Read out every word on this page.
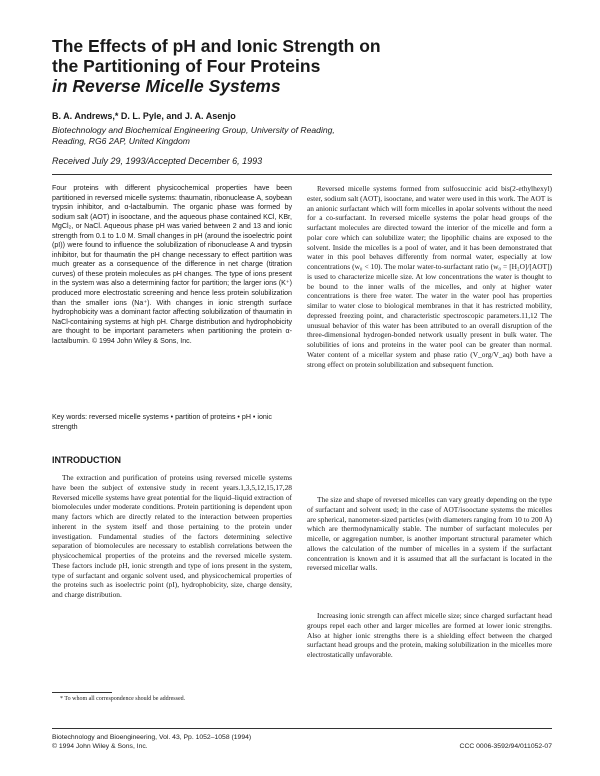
The Effects of pH and Ionic Strength on
the Partitioning of Four Proteins
in Reverse Micelle Systems

B. A. Andrews,* D. L. Pyle, and J. A. Asenjo

Biotechnology and Biochemical Engineering Group, University of Reading,
Reading, RG6 2AP, United Kingdom

Received July 29, 1993/Accepted December 6, 1993

Four proteins with different physicochemical properties have been partitioned in reversed micelle systems: thaumatin, ribonuclease A, soybean trypsin inhibitor, and α-lactalbumin. The organic phase was formed by sodium salt (AOT) in isooctane, and the aqueous phase contained KCl, KBr, MgCl₂, or NaCl. Aqueous phase pH was varied between 2 and 13 and ionic strength from 0.1 to 1.0 M. Small changes in pH (around the isoelectric point (pI)) were found to influence the solubilization of ribonuclease A and trypsin inhibitor, but for thaumatin the pH change necessary to effect partition was much greater as a consequence of the difference in net charge (titration curves) of these protein molecules as pH changes. The type of ions present in the system was also a determining factor for partition; the larger ions (K⁺) produced more electrostatic screening and hence less protein solubilization than the smaller ions (Na⁺). With changes in ionic strength surface hydrophobicity was a dominant factor affecting solubilization of thaumatin in NaCl-containing systems at high pH. Charge distribution and hydrophobicity are thought to be important parameters when partitioning the protein α-lactalbumin. © 1994 John Wiley & Sons, Inc.

Key words: reversed micelle systems • partition of proteins • pH • ionic strength

INTRODUCTION

The extraction and purification of proteins using reversed micelle systems have been the subject of extensive study in recent years.1,3,5,12,15,17,28 Reversed micelle systems have great potential for the liquid–liquid extraction of biomolecules under moderate conditions. Protein partitioning is dependent upon many factors which are directly related to the interaction between properties inherent in the system itself and those pertaining to the protein under investigation. Fundamental studies of the factors determining selective separation of biomolecules are necessary to establish correlations between the physicochemical properties of the proteins and the reversed micelle system. These factors include pH, ionic strength and type of ions present in the system, type of surfactant and organic solvent used, and physicochemical properties of the proteins such as isoelectric point (pI), hydrophobicity, size, charge density, and charge distribution.

* To whom all correspondence should be addressed.

Reversed micelle systems formed from sulfosuccinic acid bis(2-ethylhexyl) ester, sodium salt (AOT), isooctane, and water were used in this work. The AOT is an anionic surfactant which will form micelles in apolar solvents without the need for a co-surfactant. In reversed micelle systems the polar head groups of the surfactant molecules are directed toward the interior of the micelle and form a polar core which can solubilize water; the lipophilic chains are exposed to the solvent. Inside the micelles is a pool of water, and it has been demonstrated that water in this pool behaves differently from normal water, especially at low concentrations (w₀ < 10). The molar water-to-surfactant ratio (w₀ = [H₂O]/[AOT]) is used to characterize micelle size. At low concentrations the water is thought to be bound to the inner walls of the micelles, and only at higher water concentrations is there free water. The water in the water pool has properties similar to water close to biological membranes in that it has restricted mobility, depressed freezing point, and characteristic spectroscopic parameters.11,12 The unusual behavior of this water has been attributed to an overall disruption of the three-dimensional hydrogen-bonded network usually present in bulk water. The solubilities of ions and proteins in the water pool can be greater than normal. Water content of a micellar system and phase ratio (V_org/V_aq) both have a strong effect on protein solubilization and subsequent function.

The size and shape of reversed micelles can vary greatly depending on the type of surfactant and solvent used; in the case of AOT/isooctane systems the micelles are spherical, nanometer-sized particles (with diameters ranging from 10 to 200 Å) which are thermodynamically stable. The number of surfactant molecules per micelle, or aggregation number, is another important structural parameter which allows the calculation of the number of micelles in a system if the surfactant concentration is known and it is assumed that all the surfactant is located in the reversed micellar walls.

Increasing ionic strength can affect micelle size; since charged surfactant head groups repel each other and larger micelles are formed at lower ionic strengths. Also at higher ionic strengths there is a shielding effect between the charged surfactant head groups and the protein, making solubilization in the micelles more electrostatically unfavorable.

Biotechnology and Bioengineering, Vol. 43, Pp. 1052–1058 (1994)
© 1994 John Wiley & Sons, Inc.	CCC 0006-3592/94/011052-07
